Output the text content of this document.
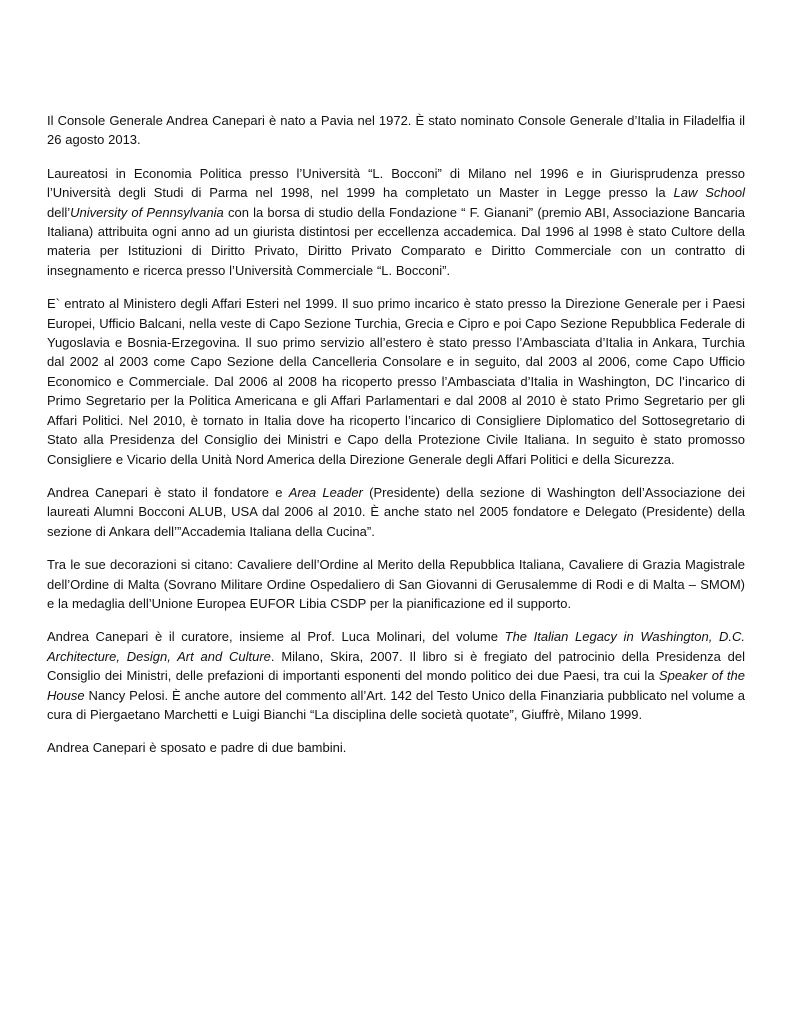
Il Console Generale Andrea Canepari è nato a Pavia nel 1972. È stato nominato Console Generale d’Italia in Filadelfia il 26 agosto 2013.

Laureatosi in Economia Politica presso l’Università “L. Bocconi” di Milano nel 1996 e in Giurisprudenza presso l’Università degli Studi di Parma nel 1998, nel 1999 ha completato un Master in Legge presso la Law School dell’University of Pennsylvania con la borsa di studio della Fondazione “ F. Gianani” (premio ABI, Associazione Bancaria Italiana) attribuita ogni anno ad un giurista distintosi per eccellenza accademica. Dal 1996 al 1998 è stato Cultore della materia per Istituzioni di Diritto Privato, Diritto Privato Comparato e Diritto Commerciale con un contratto di insegnamento e ricerca presso l’Università Commerciale “L. Bocconi”.

E` entrato al Ministero degli Affari Esteri nel 1999. Il suo primo incarico è stato presso la Direzione Generale per i Paesi Europei, Ufficio Balcani, nella veste di Capo Sezione Turchia, Grecia e Cipro e poi Capo Sezione Repubblica Federale di Yugoslavia e Bosnia-Erzegovina. Il suo primo servizio all’estero è stato presso l’Ambasciata d’Italia in Ankara, Turchia dal 2002 al 2003 come Capo Sezione della Cancelleria Consolare e in seguito, dal 2003 al 2006, come Capo Ufficio Economico e Commerciale. Dal 2006 al 2008 ha ricoperto presso l’Ambasciata d’Italia in Washington, DC l’incarico di Primo Segretario per la Politica Americana e gli Affari Parlamentari e dal 2008 al 2010 è stato Primo Segretario per gli Affari Politici. Nel 2010, è tornato in Italia dove ha ricoperto l’incarico di Consigliere Diplomatico del Sottosegretario di Stato alla Presidenza del Consiglio dei Ministri e Capo della Protezione Civile Italiana. In seguito è stato promosso Consigliere e Vicario della Unità Nord America della Direzione Generale degli Affari Politici e della Sicurezza.

Andrea Canepari è stato il fondatore e Area Leader (Presidente) della sezione di Washington dell’Associazione dei laureati Alumni Bocconi ALUB, USA dal 2006 al 2010. È anche stato nel 2005 fondatore e Delegato (Presidente) della sezione di Ankara dell’”Accademia Italiana della Cucina”.

Tra le sue decorazioni si citano: Cavaliere dell’Ordine al Merito della Repubblica Italiana, Cavaliere di Grazia Magistrale dell’Ordine di Malta (Sovrano Militare Ordine Ospedaliero di San Giovanni di Gerusalemme di Rodi e di Malta – SMOM) e la medaglia dell’Unione Europea EUFOR Libia CSDP per la pianificazione ed il supporto.

Andrea Canepari è il curatore, insieme al Prof. Luca Molinari, del volume The Italian Legacy in Washington, D.C. Architecture, Design, Art and Culture. Milano, Skira, 2007. Il libro si è fregiato del patrocinio della Presidenza del Consiglio dei Ministri, delle prefazioni di importanti esponenti del mondo politico dei due Paesi, tra cui la Speaker of the House Nancy Pelosi. È anche autore del commento all’Art. 142 del Testo Unico della Finanziaria pubblicato nel volume a cura di Piergaetano Marchetti e Luigi Bianchi “La disciplina delle società quotate”, Giuffrè, Milano 1999.

Andrea Canepari è sposato e padre di due bambini.
